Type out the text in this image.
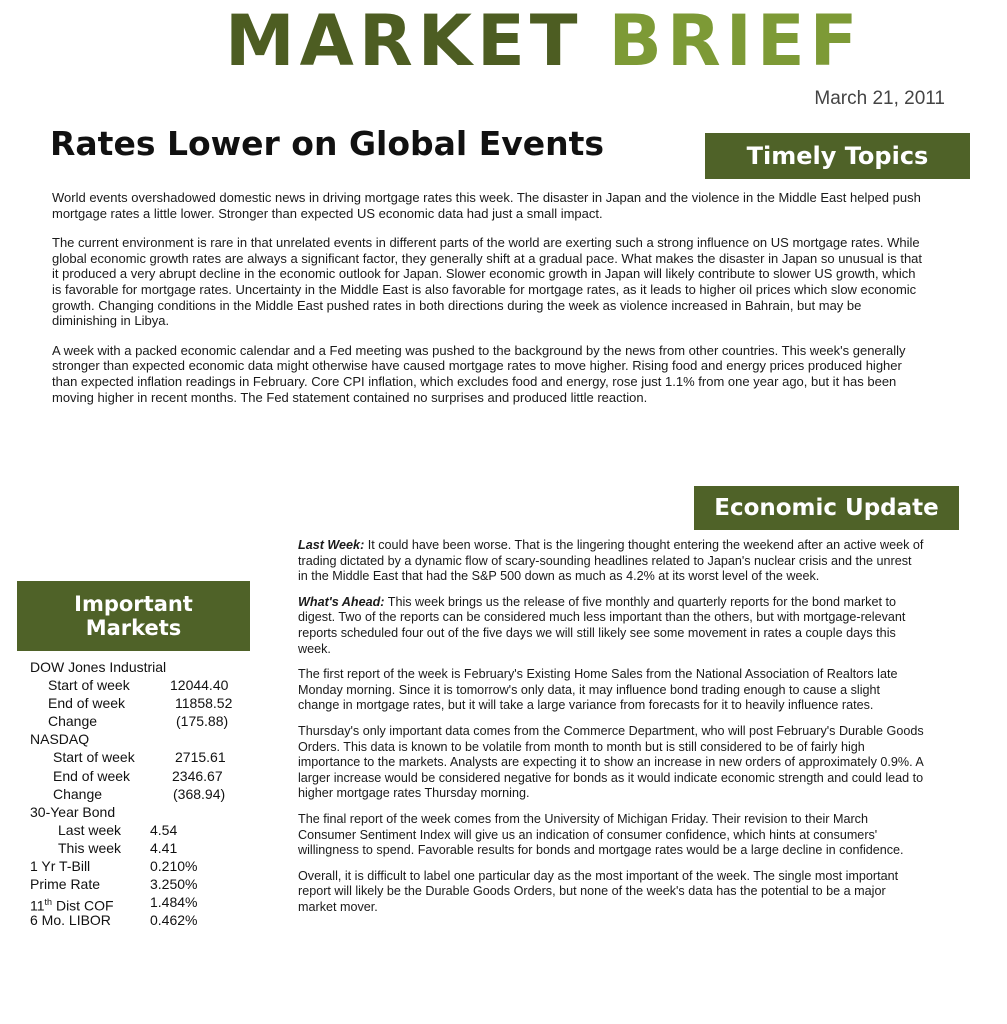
MARKET BRIEF
March 21, 2011
Rates Lower on Global Events	Timely Topics

World events overshadowed domestic news in driving mortgage rates this week. The disaster in Japan and the violence in the Middle East helped push mortgage rates a little lower. Stronger than expected US economic data had just a small impact.

The current environment is rare in that unrelated events in different parts of the world are exerting such a strong influence on US mortgage rates. While global economic growth rates are always a significant factor, they generally shift at a gradual pace. What makes the disaster in Japan so unusual is that it produced a very abrupt decline in the economic outlook for Japan. Slower economic growth in Japan will likely contribute to slower US growth, which is favorable for mortgage rates. Uncertainty in the Middle East is also favorable for mortgage rates, as it leads to higher oil prices which slow economic growth. Changing conditions in the Middle East pushed rates in both directions during the week as violence increased in Bahrain, but may be diminishing in Libya.

A week with a packed economic calendar and a Fed meeting was pushed to the background by the news from other countries. This week's generally stronger than expected economic data might otherwise have caused mortgage rates to move higher. Rising food and energy prices produced higher than expected inflation readings in February. Core CPI inflation, which excludes food and energy, rose just 1.1% from one year ago, but it has been moving higher in recent months. The Fed statement contained no surprises and produced little reaction.

Economic Update
Important
Markets
DOW Jones Industrial
Start of week	12044.40
End of week	11858.52
Change	(175.88)
NASDAQ
Start of week	2715.61
End of week	2346.67
Change	(368.94)
30-Year Bond
Last week 4.54
This week 4.41
1 Yr T-Bill	0.210%
Prime Rate	3.250%
11th Dist COF	1.484%
6 Mo. LIBOR	0.462%

Last Week: It could have been worse. That is the lingering thought entering the weekend after an active week of trading dictated by a dynamic flow of scary-sounding headlines related to Japan's nuclear crisis and the unrest in the Middle East that had the S&P 500 down as much as 4.2% at its worst level of the week.

What's Ahead: This week brings us the release of five monthly and quarterly reports for the bond market to digest. Two of the reports can be considered much less important than the others, but with mortgage-relevant reports scheduled four out of the five days we will still likely see some movement in rates a couple days this week.

The first report of the week is February's Existing Home Sales from the National Association of Realtors late Monday morning. Since it is tomorrow's only data, it may influence bond trading enough to cause a slight change in mortgage rates, but it will take a large variance from forecasts for it to heavily influence rates.

Thursday's only important data comes from the Commerce Department, who will post February's Durable Goods Orders. This data is known to be volatile from month to month but is still considered to be of fairly high importance to the markets. Analysts are expecting it to show an increase in new orders of approximately 0.9%. A larger increase would be considered negative for bonds as it would indicate economic strength and could lead to higher mortgage rates Thursday morning.

The final report of the week comes from the University of Michigan Friday. Their revision to their March Consumer Sentiment Index will give us an indication of consumer confidence, which hints at consumers' willingness to spend. Favorable results for bonds and mortgage rates would be a large decline in confidence.

Overall, it is difficult to label one particular day as the most important of the week. The single most important report will likely be the Durable Goods Orders, but none of the week's data has the potential to be a major market mover.
